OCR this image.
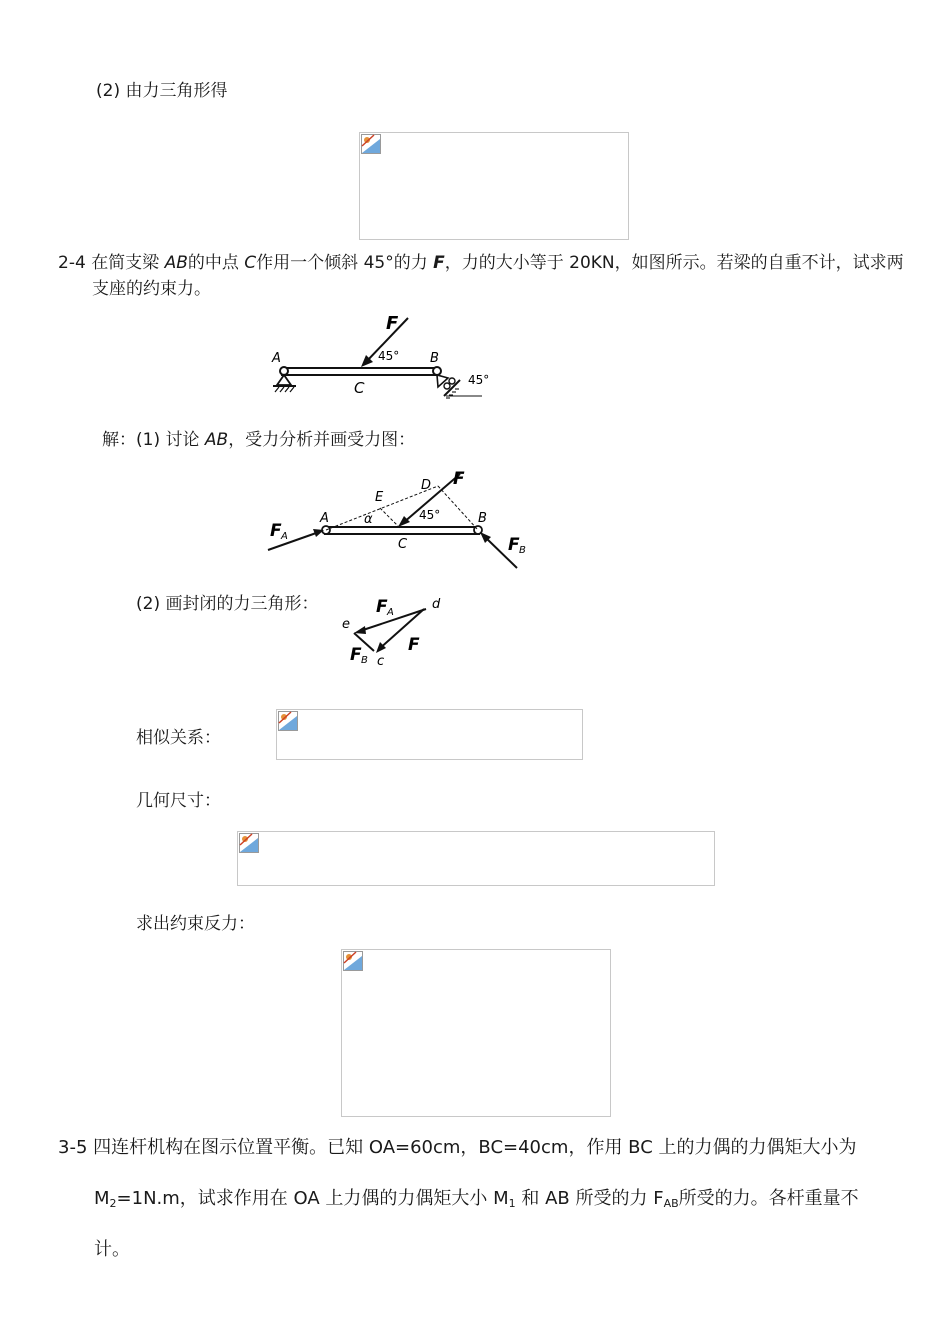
(2) 由力三角形得
2-4 在简支梁 AB的中点 C作用一个倾斜 45°的力 F，力的大小等于 20KN，如图所示。若梁的自重不计，试求两
支座的约束力。
A	B
C
F
45°
45°
解：(1) 讨论 AB，受力分析并画受力图：
F A	F B
F
A	B
C
D
E
α	45°
(2) 画封闭的力三角形：	F A
F
F B
d
e
c
相似关系：
几何尺寸：
求出约束反力：
3-5 四连杆机构在图示位置平衡。已知 OA=60cm，BC=40cm，作用 BC 上的力偶的力偶矩大小为
$M_2=1N.m$，试求作用在 OA 上力偶的力偶矩大小 $M_1$ 和 AB 所受的力 $F_{AB}$所受的力。各杆重量不
计。
